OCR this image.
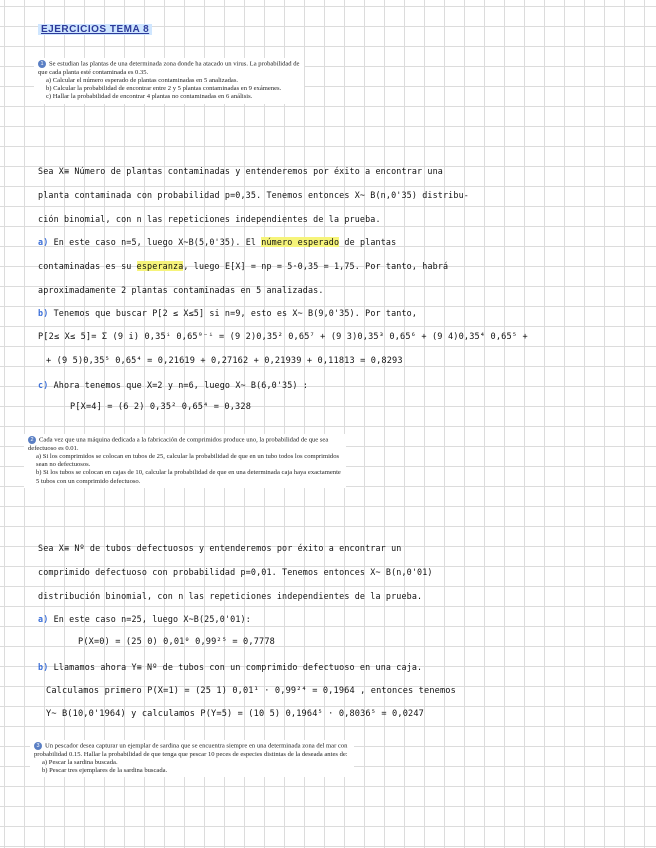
EJERCICIOS TEMA 8
1 Se estudian las plantas de una determinada zona donde ha atacado un virus. La probabilidad de que cada planta esté contaminada es 0.35.
a) Calcular el número esperado de plantas contaminadas en 5 analizadas.
b) Calcular la probabilidad de encontrar entre 2 y 5 plantas contaminadas en 9 exámenes.
c) Hallar la probabilidad de encontrar 4 plantas no contaminadas en 6 análisis.
Sea X≡ Número de plantas contaminadas y entenderemos por éxito a encontrar una
planta contaminada con probabilidad p=0,35. Tenemos entonces X~ B(n,0'35) distribu-
ción binomial, con n las repeticiones independientes de la prueba.
a) En este caso n=5, luego X~B(5,0'35). El número esperado de plantas
contaminadas es su esperanza, luego E[X] = np = 5·0,35 = 1,75. Por tanto, habrá
aproximadamente 2 plantas contaminadas en 5 analizadas.
b) Tenemos que buscar P[2 ≤ X≤5] si n=9, esto es X~ B(9,0'35). Por tanto,
P[2≤ X≤ 5]= Σ (9 i) 0,35ⁱ 0,65⁹⁻ⁱ = (9 2)0,35² 0,65⁷ + (9 3)0,35³ 0,65⁶ + (9 4)0,35⁴ 0,65⁵ +
+ (9 5)0,35⁵ 0,65⁴ = 0,21619 + 0,27162 + 0,21939 + 0,11813 = 0,8293
c) Ahora tenemos que X=2 y n=6, luego X~ B(6,0'35) :
P[X=4] = (6 2) 0,35² 0,65⁴ = 0,328
2 Cada vez que una máquina dedicada a la fabricación de comprimidos produce uno, la probabilidad de que sea defectuoso es 0.01.
a) Si los comprimidos se colocan en tubos de 25, calcular la probabilidad de que en un tubo todos los comprimidos sean no defectuosos.
b) Si los tubos se colocan en cajas de 10, calcular la probabilidad de que en una determinada caja haya exactamente 5 tubos con un comprimido defectuoso.
Sea X≡ Nº de tubos defectuosos y entenderemos por éxito a encontrar un
comprimido defectuoso con probabilidad p=0,01. Tenemos entonces X~ B(n,0'01)
distribución binomial, con n las repeticiones independientes de la prueba.
a) En este caso n=25, luego X~B(25,0'01):
P(X=0) = (25 0) 0,01⁰ 0,99²⁵ = 0,7778
b) Llamamos ahora Y≡ Nº de tubos con un comprimido defectuoso en una caja.
Calculamos primero P(X=1) = (25 1) 0,01¹ · 0,99²⁴ = 0,1964 , entonces tenemos
Y~ B(10,0'1964) y calculamos P(Y=5) = (10 5) 0,1964⁵ · 0,8036⁵ = 0,0247
3 Un pescador desea capturar un ejemplar de sardina que se encuentra siempre en una determinada zona del mar con probabilidad 0.15. Hallar la probabilidad de que tenga que pescar 10 peces de especies distintas de la deseada antes de:
a) Pescar la sardina buscada.
b) Pescar tres ejemplares de la sardina buscada.
